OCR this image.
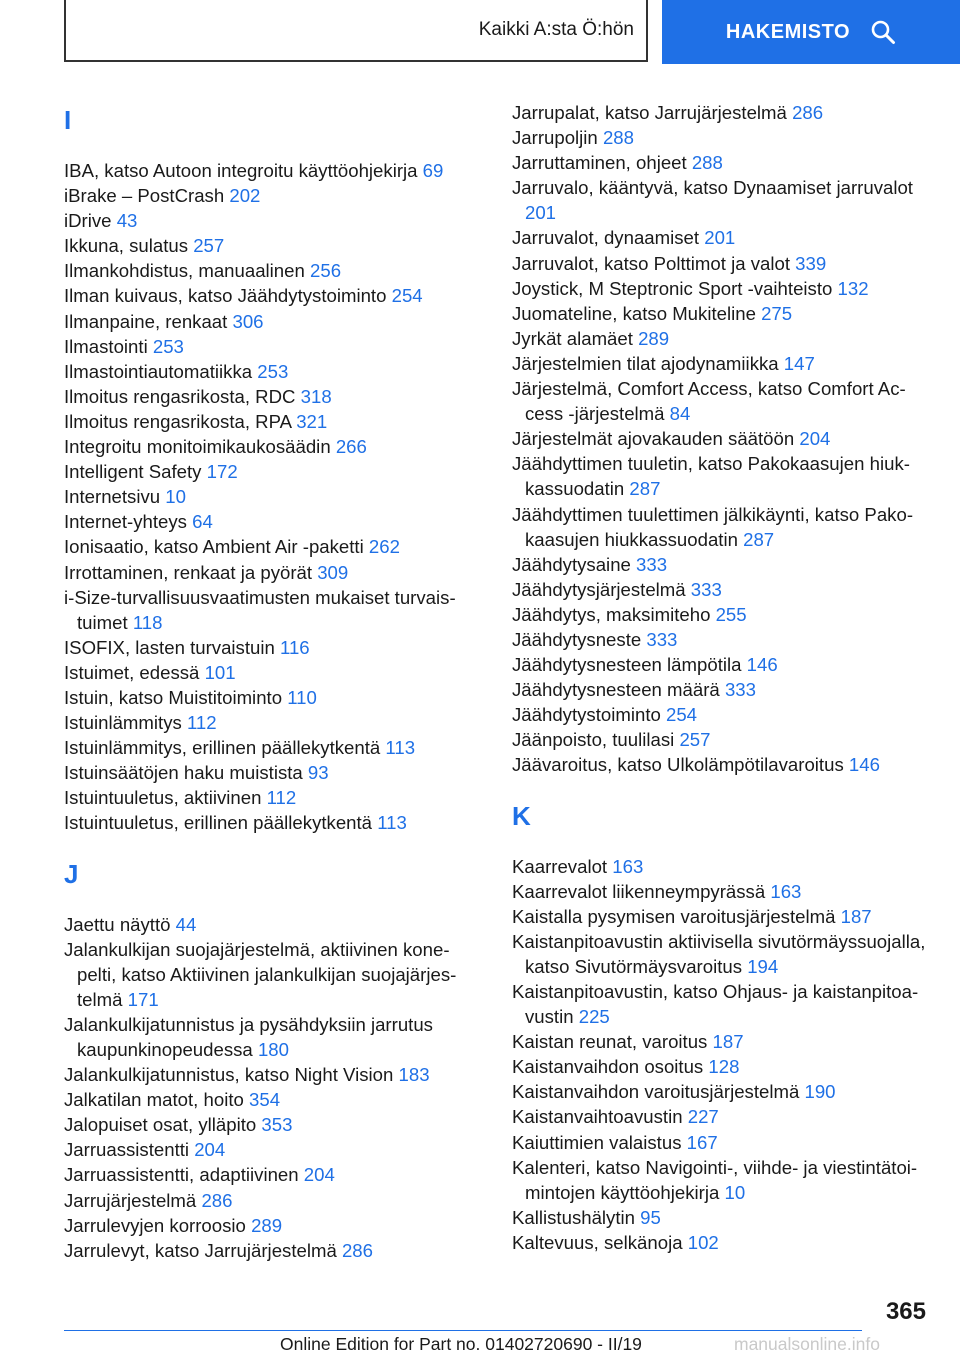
Kaikki A:sta Ö:hön	HAKEMISTO
I
IBA, katso Autoon integroitu käyttöohjekirja 69
iBrake – PostCrash 202
iDrive 43
Ikkuna, sulatus 257
Ilmankohdistus, manuaalinen 256
Ilman kuivaus, katso Jäähdytystoiminto 254
Ilmanpaine, renkaat 306
Ilmastointi 253
Ilmastointiautomatiikka 253
Ilmoitus rengasrikosta, RDC 318
Ilmoitus rengasrikosta, RPA 321
Integroitu monitoimikaukosäädin 266
Intelligent Safety 172
Internetsivu 10
Internet-yhteys 64
Ionisaatio, katso Ambient Air -paketti 262
Irrottaminen, renkaat ja pyörät 309
i-Size-turvallisuusvaatimusten mukaiset turvaistuimet 118
ISOFIX, lasten turvaistuin 116
Istuimet, edessä 101
Istuin, katso Muistitoiminto 110
Istuinlämmitys 112
Istuinlämmitys, erillinen päällekytkentä 113
Istuinsäätöjen haku muistista 93
Istuintuuletus, aktiivinen 112
Istuintuuletus, erillinen päällekytkentä 113
J
Jaettu näyttö 44
Jalankulkijan suojajärjestelmä, aktiivinen konepelti, katso Aktiivinen jalankulkijan suojajärjestelmä 171
Jalankulkijatunnistus ja pysähdyksiin jarrutus kaupunkinopeudessa 180
Jalankulkijatunnistus, katso Night Vision 183
Jalkatilan matot, hoito 354
Jalopuiset osat, ylläpito 353
Jarruassistentti 204
Jarruassistentti, adaptiivinen 204
Jarrujärjestelmä 286
Jarrulevyjen korroosio 289
Jarrulevyt, katso Jarrujärjestelmä 286
Jarrupalat, katso Jarrujärjestelmä 286
Jarrupoljin 288
Jarruttaminen, ohjeet 288
Jarruvalo, kääntyvä, katso Dynaamiset jarruvalot 201
Jarruvalot, dynaamiset 201
Jarruvalot, katso Polttimot ja valot 339
Joystick, M Steptronic Sport -vaihteisto 132
Juomateline, katso Mukiteline 275
Jyrkät alamäet 289
Järjestelmien tilat ajodynamiikka 147
Järjestelmä, Comfort Access, katso Comfort Access -järjestelmä 84
Järjestelmät ajovakauden säätöön 204
Jäähdyttimen tuuletin, katso Pakokaasujen hiukkassuodatin 287
Jäähdyttimen tuulettimen jälkikäynti, katso Pakokaasujen hiukkassuodatin 287
Jäähdytysaine 333
Jäähdytysjärjestelmä 333
Jäähdytys, maksimiteho 255
Jäähdytysneste 333
Jäähdytysnesteen lämpötila 146
Jäähdytysnesteen määrä 333
Jäähdytystoiminto 254
Jäänpoisto, tuulilasi 257
Jäävaroitus, katso Ulkolämpötilavaroitus 146
K
Kaarrevalot 163
Kaarrevalot liikenneympyrässä 163
Kaistalla pysymisen varoitusjärjestelmä 187
Kaistanpitoavustin aktiivisella sivutörmäyssuojalla, katso Sivutörmäysvaroitus 194
Kaistanpitoavustin, katso Ohjaus- ja kaistanpitoavustin 225
Kaistan reunat, varoitus 187
Kaistanvaihdon osoitus 128
Kaistanvaihdon varoitusjärjestelmä 190
Kaistanvaihtoavustin 227
Kaiuttimien valaistus 167
Kalenteri, katso Navigointi-, viihde- ja viestintätoimintojen käyttöohjekirja 10
Kallistushälytin 95
Kaltevuus, selkänoja 102
365
Online Edition for Part no. 01402720690 - II/19	manualsonline.info
